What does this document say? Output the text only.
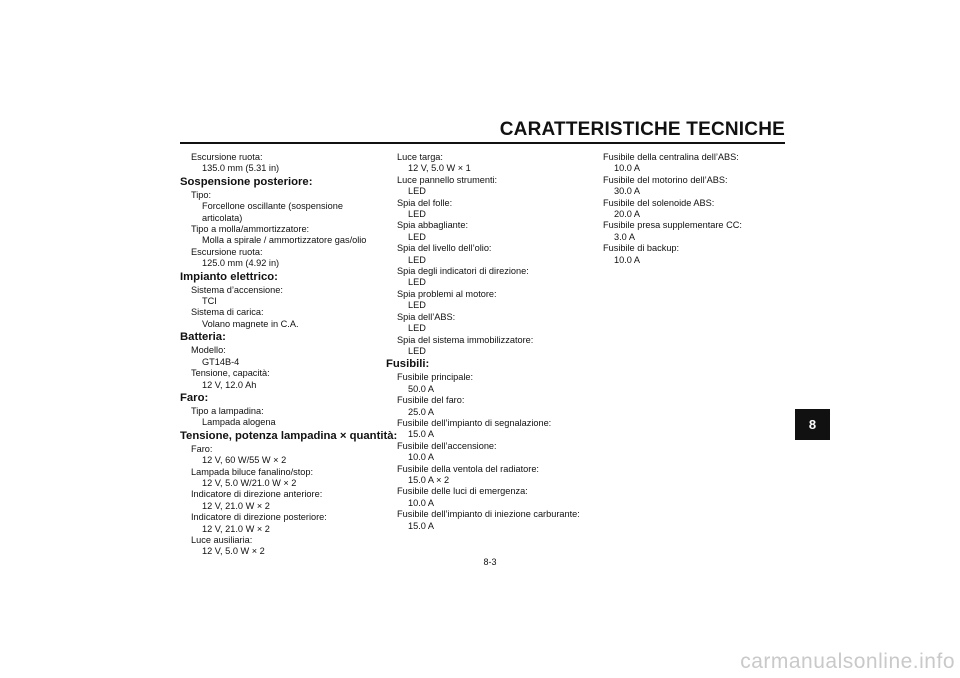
CARATTERISTICHE TECNICHE
Escursione ruota:
135.0 mm (5.31 in)
Sospensione posteriore:
Tipo:
Forcellone oscillante (sospensione articolata)
Tipo a molla/ammortizzatore:
Molla a spirale / ammortizzatore gas/olio
Escursione ruota:
125.0 mm (4.92 in)
Impianto elettrico:
Sistema d’accensione:
TCI
Sistema di carica:
Volano magnete in C.A.
Batteria:
Modello:
GT14B-4
Tensione, capacità:
12 V, 12.0 Ah
Faro:
Tipo a lampadina:
Lampada alogena
Tensione, potenza lampadina × quantità:
Faro:
12 V, 60 W/55 W × 2
Lampada biluce fanalino/stop:
12 V, 5.0 W/21.0 W × 2
Indicatore di direzione anteriore:
12 V, 21.0 W × 2
Indicatore di direzione posteriore:
12 V, 21.0 W × 2
Luce ausiliaria:
12 V, 5.0 W × 2
Luce targa:
12 V, 5.0 W × 1
Luce pannello strumenti:
LED
Spia del folle:
LED
Spia abbagliante:
LED
Spia del livello dell’olio:
LED
Spia degli indicatori di direzione:
LED
Spia problemi al motore:
LED
Spia dell’ABS:
LED
Spia del sistema immobilizzatore:
LED
Fusibili:
Fusibile principale:
50.0 A
Fusibile del faro:
25.0 A
Fusibile dell’impianto di segnalazione:
15.0 A
Fusibile dell’accensione:
10.0 A
Fusibile della ventola del radiatore:
15.0 A × 2
Fusibile delle luci di emergenza:
10.0 A
Fusibile dell’impianto di iniezione carburante:
15.0 A
Fusibile della centralina dell’ABS:
10.0 A
Fusibile del motorino dell’ABS:
30.0 A
Fusibile del solenoide ABS:
20.0 A
Fusibile presa supplementare CC:
3.0 A
Fusibile di backup:
10.0 A
8-3
8
carmanualsonline.info
